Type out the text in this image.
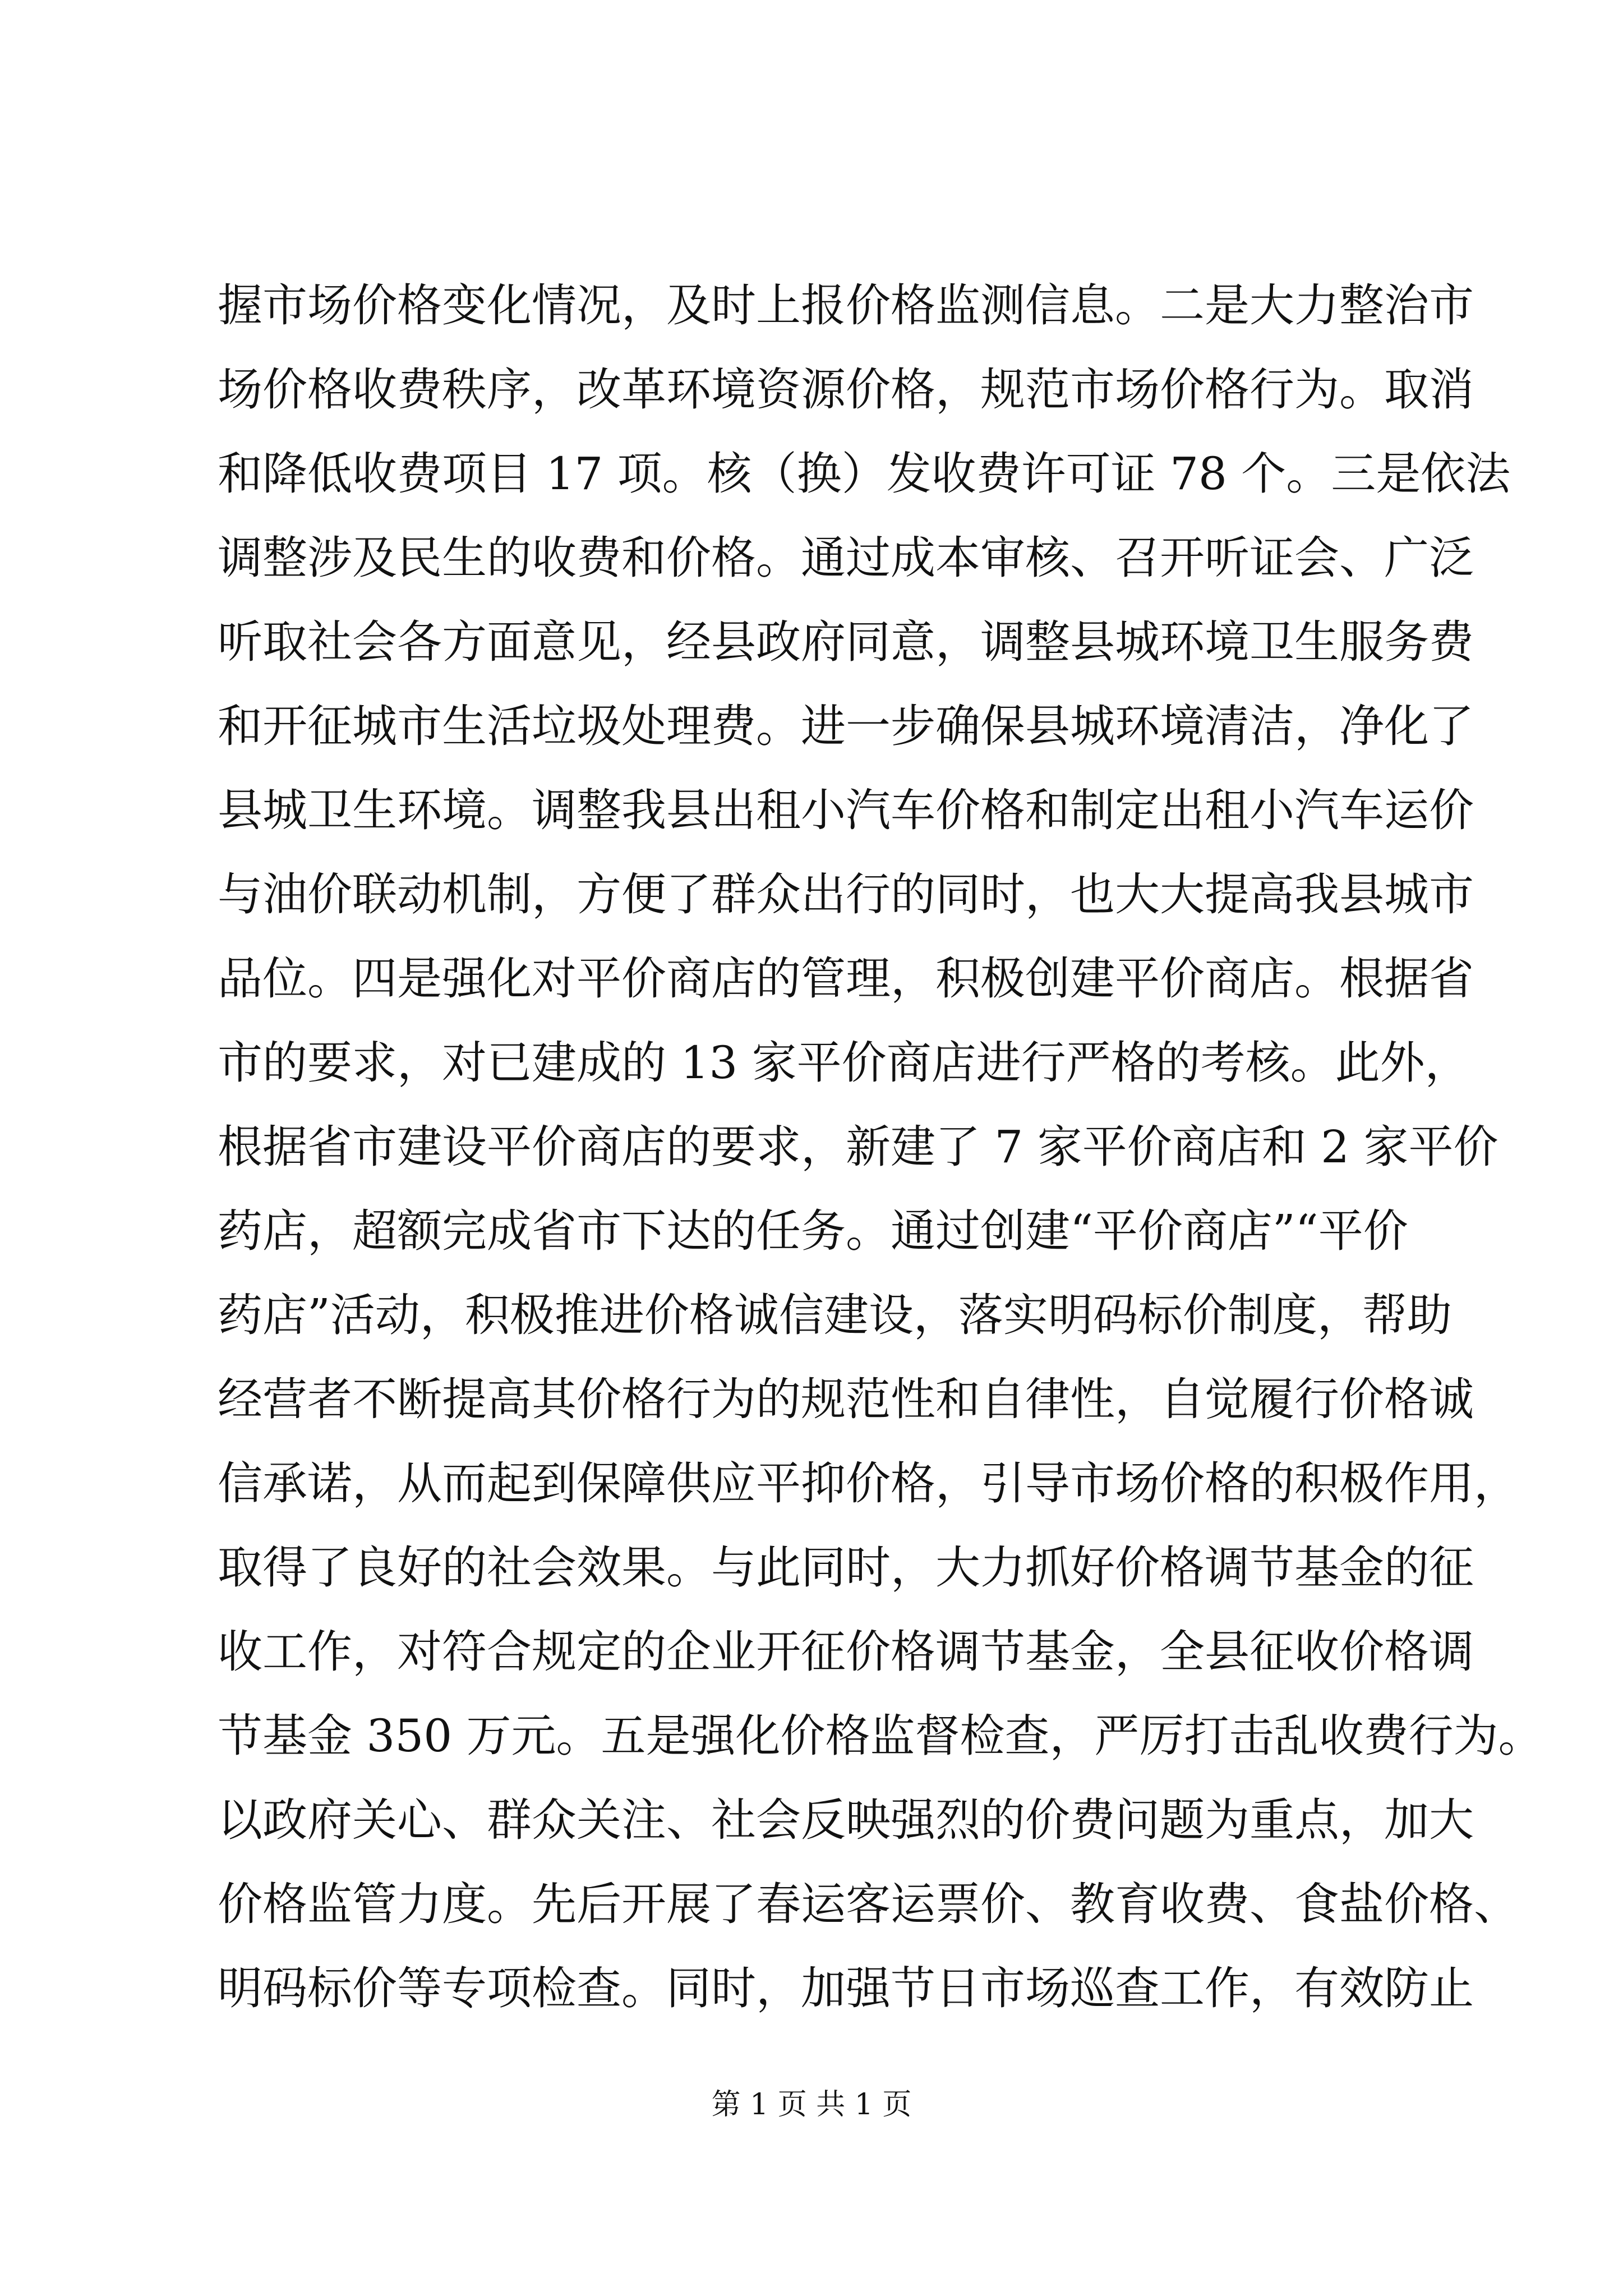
握市场价格变化情况，及时上报价格监测信息。二是大力整治市
场价格收费秩序，改革环境资源价格，规范市场价格行为。取消
和降低收费项目 17 项。核（换）发收费许可证 78 个。三是依法
调整涉及民生的收费和价格。通过成本审核、召开听证会、广泛
听取社会各方面意见，经县政府同意，调整县城环境卫生服务费
和开征城市生活垃圾处理费。进一步确保县城环境清洁，净化了
县城卫生环境。调整我县出租小汽车价格和制定出租小汽车运价
与油价联动机制，方便了群众出行的同时，也大大提高我县城市
品位。四是强化对平价商店的管理，积极创建平价商店。根据省
市的要求，对已建成的 13 家平价商店进行严格的考核。此外，
根据省市建设平价商店的要求，新建了 7 家平价商店和 2 家平价
药店，超额完成省市下达的任务。通过创建“平价商店”“平价
药店”活动，积极推进价格诚信建设，落实明码标价制度，帮助
经营者不断提高其价格行为的规范性和自律性，自觉履行价格诚
信承诺，从而起到保障供应平抑价格，引导市场价格的积极作用，
取得了良好的社会效果。与此同时，大力抓好价格调节基金的征
收工作，对符合规定的企业开征价格调节基金，全县征收价格调
节基金 350 万元。五是强化价格监督检查，严厉打击乱收费行为。
以政府关心、群众关注、社会反映强烈的价费问题为重点，加大
价格监管力度。先后开展了春运客运票价、教育收费、食盐价格、
明码标价等专项检查。同时，加强节日市场巡查工作，有效防止
第 1 页 共 1 页
